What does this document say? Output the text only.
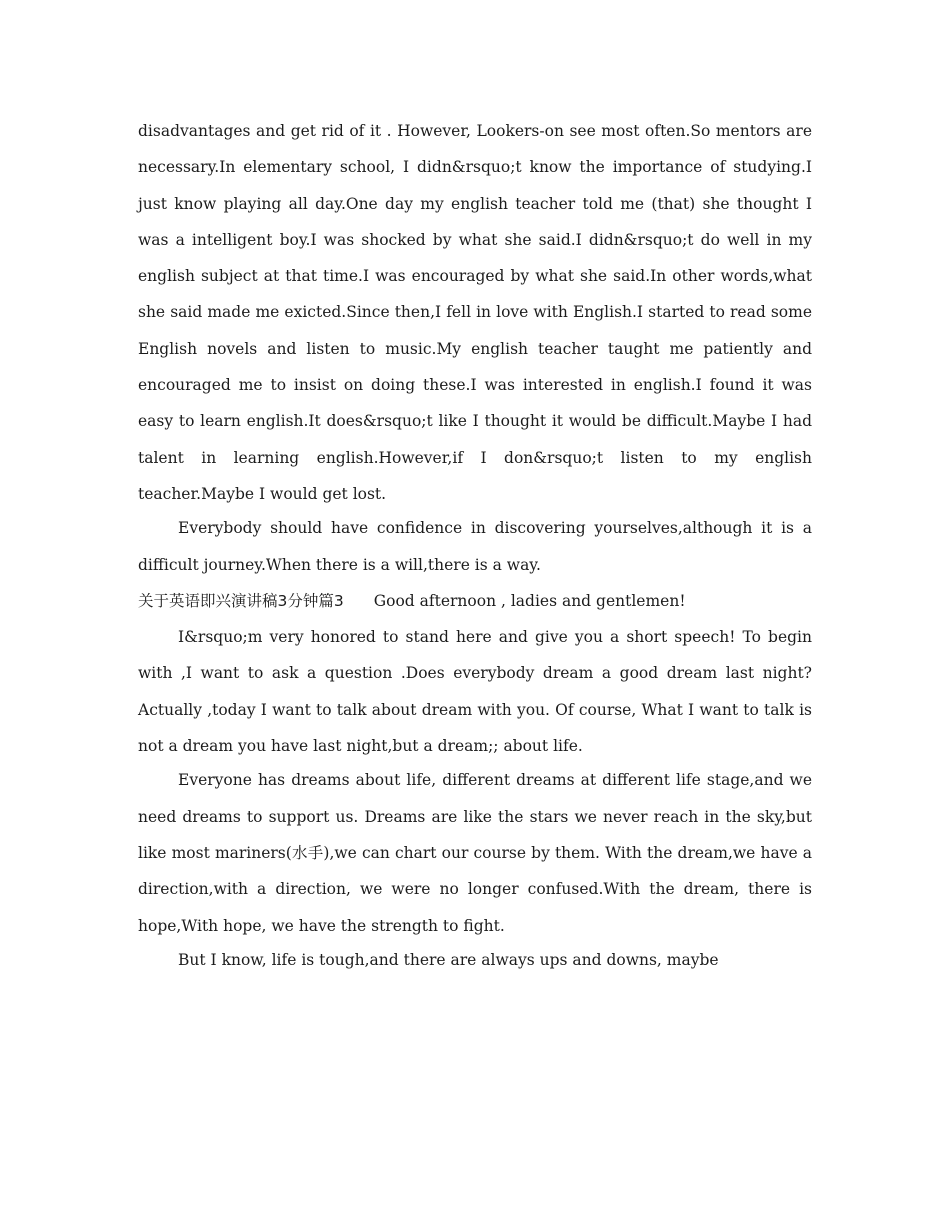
disadvantages and get rid of it . However, Lookers-on see most often.So mentors are necessary.In elementary school, I didn&rsquo;t know the importance of studying.I just know playing all day.One day my english teacher told me (that) she thought I was a intelligent boy.I was shocked by what she said.I didn&rsquo;t do well in my english subject at that time.I was encouraged by what she said.In other words,what she said made me exicted.Since then,I fell in love with English.I started to read some English novels and listen to music.My english teacher taught me patiently and encouraged me to insist on doing these.I was interested in english.I found it was easy to learn english.It does&rsquo;t like I thought it would be difficult.Maybe I had talent in learning english.However,if I don&rsquo;t listen to my english teacher.Maybe I would get lost.

Everybody should have confidence in discovering yourselves,although it is a difficult journey.When there is a will,there is a way.

关于英语即兴演讲稿3分钟篇3 Good afternoon , ladies and gentlemen!

I&rsquo;m very honored to stand here and give you a short speech! To begin with ,I want to ask a question .Does everybody dream a good dream last night? Actually ,today I want to talk about dream with you. Of course, What I want to talk is not a dream you have last night,but a dream;; about life.

Everyone has dreams about life, different dreams at different life stage,and we need dreams to support us. Dreams are like the stars we never reach in the sky,but like most mariners(水手),we can chart our course by them. With the dream,we have a direction,with a direction, we were no longer confused.With the dream, there is hope,With hope, we have the strength to fight.

But I know, life is tough,and there are always ups and downs, maybe
